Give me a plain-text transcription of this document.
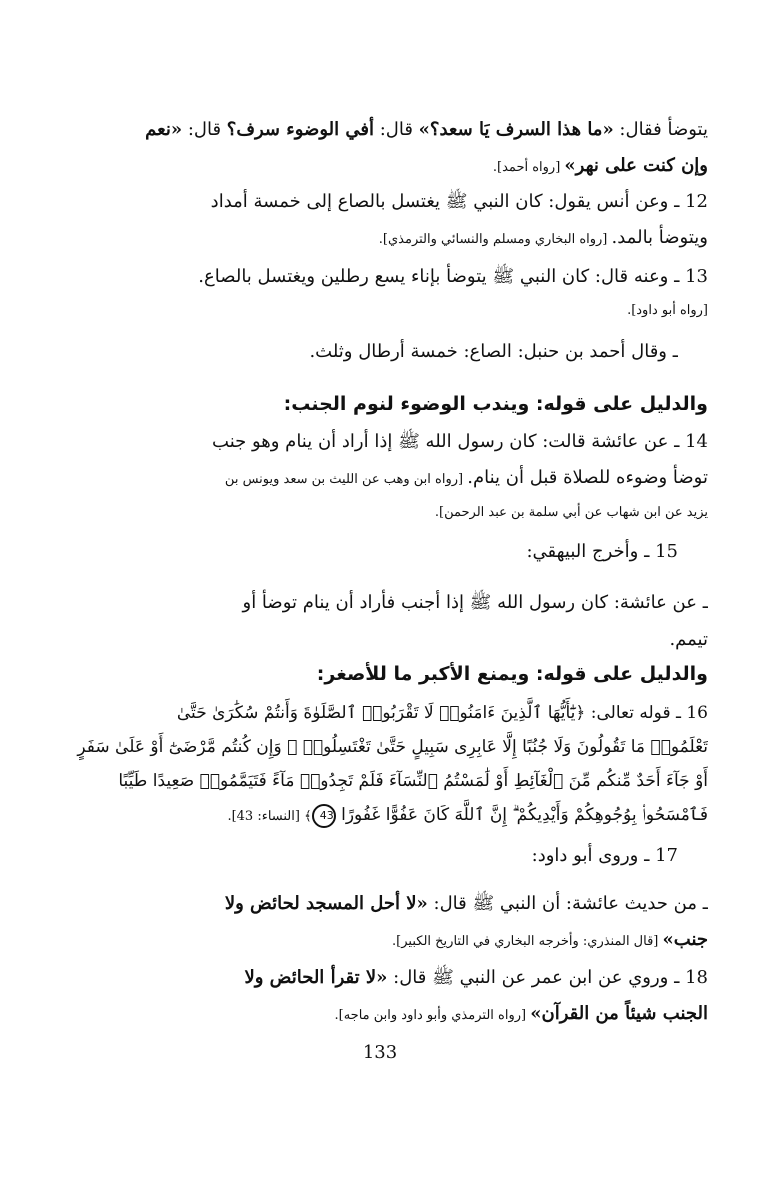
يتوضأ فقال: «ما هذا السرف يَا سعد؟» قال: أفي الوضوء سرف؟ قال: «نعم
وإن كنت على نهر» [رواه أحمد].
12 ـ وعن أنس يقول: كان النبي ﷺ يغتسل بالصاع إلى خمسة أمداد
ويتوضأ بالمد. [رواه البخاري ومسلم والنسائي والترمذي].
13 ـ وعنه قال: كان النبي ﷺ يتوضأ بإناء يسع رطلين ويغتسل بالصاع.
[رواه أبو داود].
ـ وقال أحمد بن حنبل: الصاع: خمسة أرطال وثلث.
والدليل على قوله: ويندب الوضوء لنوم الجنب:
14 ـ عن عائشة قالت: كان رسول الله ﷺ إذا أراد أن ينام وهو جنب
توضأ وضوءه للصلاة قبل أن ينام. [رواه ابن وهب عن الليث بن سعد ويونس بن
يزيد عن ابن شهاب عن أبي سلمة بن عبد الرحمن].
15 ـ وأخرج البيهقي:
ـ عن عائشة: كان رسول الله ﷺ إذا أجنب فأراد أن ينام توضأ أو
تيمم.
والدليل على قوله: ويمنع الأكبر ما للأصغر:
16 ـ قوله تعالى: ﴿يَٰٓأَيُّهَا ٱلَّذِينَ ءَامَنُوا۟ لَا تَقْرَبُوا۟ ٱلصَّلَوٰةَ وَأَنتُمْ سُكَٰرَىٰ حَتَّىٰ
تَعْلَمُوا۟ مَا تَقُولُونَ وَلَا جُنُبًا إِلَّا عَابِرِى سَبِيلٍ حَتَّىٰ تَغْتَسِلُوا۟ ۚ وَإِن كُنتُم مَّرْضَىٰٓ أَوْ عَلَىٰ سَفَرٍ
أَوْ جَآءَ أَحَدٌ مِّنكُم مِّنَ ٱلْغَآئِطِ أَوْ لَٰمَسْتُمُ ٱلنِّسَآءَ فَلَمْ تَجِدُوا۟ مَآءً فَتَيَمَّمُوا۟ صَعِيدًا طَيِّبًا
فَٱمْسَحُوا۟ بِوُجُوهِكُمْ وَأَيْدِيكُمْ ۗ إِنَّ ٱللَّهَ كَانَ عَفُوًّا غَفُورًا 43﴾ [النساء: 43].
17 ـ وروى أبو داود:
ـ من حديث عائشة: أن النبي ﷺ قال: «لا أحل المسجد لحائض ولا
جنب» [قال المنذري: وأخرجه البخاري في التاريخ الكبير].
18 ـ وروي عن ابن عمر عن النبي ﷺ قال: «لا تقرأ الحائض ولا
الجنب شيئاً من القرآن» [رواه الترمذي وأبو داود وابن ماجه].
133
